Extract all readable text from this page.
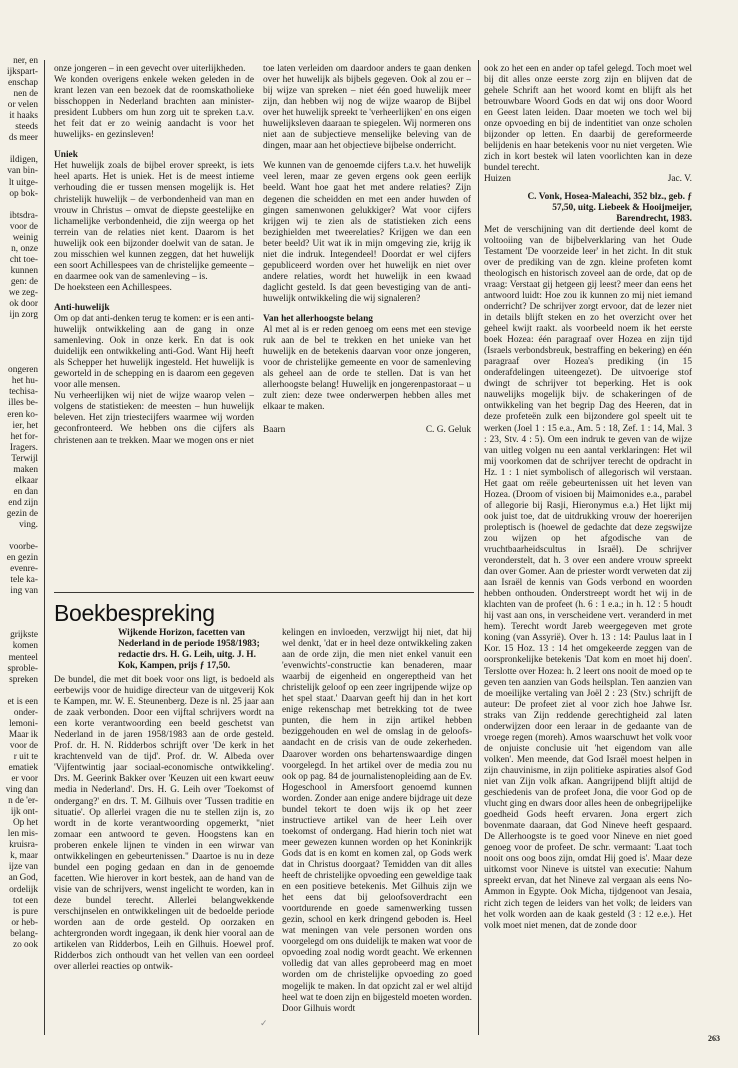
ner, en
ijkspart-
enschap
nen de
or velen
it haaks
steeds
ds meer
ildigen,
van bin-
lt uitge-
op bok-
ibtsdra-
voor de
weinig
n, onze
cht toe-
kunnen
gen: de
we zeg-
ok door
ijn zorg
ongeren
het hu-
techisa-
illes be-
eren ko-
ier, het
het for-
Iragers.
Terwijl
maken
elkaar
en dan
end zijn
gezin de
ving.
voorbe-
en gezin
evenre-
tele ka-
ing van
grijkste
komen
menteel
sproble-
spreken
et is een
onder-
lemoni-
Maar ik
voor de
r uit te
ematiek
er voor
ving dan
n de 'er-
ijk ont-
Op het
len mis-
kruisra-
k, maar
ijze van
an God,
ordelijk
tot een
is pure
or heb-
belang-
zo ook

onze jongeren – in een gevecht over uiterlijkheden.

We konden overigens enkele weken geleden in de krant lezen van een bezoek dat de roomskatholieke bisschoppen in Nederland brachten aan minister-president Lubbers om hun zorg uit te spreken t.a.v. het feit dat er zo weinig aandacht is voor het huwelijks- en gezinsleven!

Uniek

Het huwelijk zoals de bijbel erover spreekt, is iets heel aparts. Het is uniek. Het is de meest intieme verhouding die er tussen mensen mogelijk is. Het christelijk huwelijk – de verbondenheid van man en vrouw in Christus – omvat de diepste geestelijke en lichamelijke verbondenheid, die zijn weerga op het terrein van de relaties niet kent. Daarom is het huwelijk ook een bijzonder doelwit van de satan. Je zou misschien wel kunnen zeggen, dat het huwelijk een soort Achillespees van de christelijke gemeente – en daarmee ook van de samenleving – is.

De hoeksteen een Achillespees.

Anti-huwelijk

Om op dat anti-denken terug te komen: er is een anti-huwelijk ontwikkeling aan de gang in onze samenleving. Ook in onze kerk. En dat is ook duidelijk een ontwikkeling anti-God. Want Hij heeft als Schepper het huwelijk ingesteld. Het huwelijk is geworteld in de schepping en is daarom een gegeven voor alle mensen.

Nu verheerlijken wij niet de wijze waarop velen – volgens de statistieken: de meesten – hun huwelijk beleven. Het zijn triestecijfers waarmee wij worden geconfronteerd. We hebben ons die cijfers als christenen aan te trekken. Maar we mogen ons er niet

toe laten verleiden om daardoor anders te gaan denken over het huwelijk als bijbels gegeven. Ook al zou er – bij wijze van spreken – niet één goed huwelijk meer zijn, dan hebben wij nog de wijze waarop de Bijbel over het huwelijk spreekt te 'verheerlijken' en ons eigen huwelijksleven daaraan te spiegelen. Wij normeren ons niet aan de subjectieve menselijke beleving van de dingen, maar aan het objectieve bijbelse onderricht.

We kunnen van de genoemde cijfers t.a.v. het huwelijk veel leren, maar ze geven ergens ook geen eerlijk beeld. Want hoe gaat het met andere relaties? Zijn degenen die scheidden en met een ander huwden of gingen samenwonen gelukkiger? Wat voor cijfers krijgen wij te zien als de statistieken zich eens bezighielden met tweerelaties? Krijgen we dan een beter beeld? Uit wat ik in mijn omgeving zie, krijg ik niet die indruk. Integendeel! Doordat er wel cijfers gepubliceerd worden over het huwelijk en niet over andere relaties, wordt het huwelijk in een kwaad daglicht gesteld. Is dat geen bevestiging van de anti-huwelijk ontwikkeling die wij signaleren?

Van het allerhoogste belang

Al met al is er reden genoeg om eens met een stevige ruk aan de bel te trekken en het unieke van het huwelijk en de betekenis daarvan voor onze jongeren, voor de christelijke gemeente en voor de samenleving als geheel aan de orde te stellen. Dat is van het allerhoogste belang! Huwelijk en jongerenpastoraat – u zult zien: deze twee onderwerpen hebben alles met elkaar te maken.

Baarn	C. G. Geluk

ook zo het een en ander op tafel gelegd. Toch moet wel bij dit alles onze eerste zorg zijn en blijven dat de gehele Schrift aan het woord komt en blijft als het betrouwbare Woord Gods en dat wij ons door Woord en Geest laten leiden. Daar moeten we toch wel bij onze opvoeding en bij de indentitiet van onze scholen bijzonder op letten. En daarbij de gereformeerde belijdenis en haar betekenis voor nu niet vergeten. Wie zich in kort bestek wil laten voorlichten kan in deze bundel terecht.

Huizen	Jac. V.

C. Vonk, Hosea-Maleachi, 352 blz., geb. ƒ 57,50, uitg. Liebeek & Hooijmeijer, Barendrecht, 1983.

Met de verschijning van dit dertiende deel komt de voltooiing van de bijbelverklaring van het Oude Testament 'De voorzeide leer' in het zicht. In dit stuk over de prediking van de zgn. kleine profeten komt theologisch en historisch zoveel aan de orde, dat op de vraag: Verstaat gij hetgeen gij leest? meer dan eens het antwoord luidt: Hoe zou ik kunnen zo mij niet iemand onderricht? De schrijver zorgt ervoor, dat de lezer niet in details blijft steken en zo het overzicht over het geheel kwijt raakt. als voorbeeld noem ik het eerste boek Hozea: één paragraaf over Hozea en zijn tijd (Israels verbondsbreuk, bestraffing en bekering) en één paragraaf over Hozea's prediking (in 15 onderafdelingen uiteengezet). De uitvoerige stof dwingt de schrijver tot beperking. Het is ook nauwelijks mogelijk bijv. de schakeringen of de ontwikkeling van het begrip Dag des Heeren, dat in deze profeteën zulk een bijzondere gol speelt uit te werken (Joel 1 : 15 e.a., Am. 5 : 18, Zef. 1 : 14, Mal. 3 : 23, Stv. 4 : 5). Om een indruk te geven van de wijze van uitleg volgen nu een aantal verklaringen: Het wil mij voorkomen dat de schrijver terecht de opdracht in Hz. 1 : 1 niet symbolisch of allegorisch wil verstaan. Het gaat om reële gebeurtenissen uit het leven van Hozea. (Droom of visioen bij Maimonides e.a., parabel of allegorie bij Rasji, Hieronymus e.a.) Het lijkt mij ook juist toe, dat de uitdrukking vrouw der hoererijen proleptisch is (hoewel de gedachte dat deze zegswijze zou wijzen op het afgodische van de vruchtbaarheidscultus in Israël). De schrijver veronderstelt, dat h. 3 over een andere vrouw spreekt dan over Gomer. Aan de priester wordt verweten dat zij aan Israël de kennis van Gods verbond en woorden hebben onthouden. Onderstreept wordt het wij in de klachten van de profeet (h. 6 : 1 e.a.; in h. 12 : 5 houdt hij vast aan ons, in verscheidene vert. veranderd in met hem). Terecht wordt Jareb weergegeven met grote koning (van Assyrië). Over h. 13 : 14: Paulus laat in I Kor. 15 Hoz. 13 : 14 het omgekeerde zeggen van de oorspronkelijke betekenis 'Dat kom en moet hij doen'. Terslotte over Hozea: h. 2 leert ons nooit de moed op te geven ten aanzien van Gods heilsplan. Ten aanzien van de moeilijke vertaling van Joël 2 : 23 (Stv.) schrijft de auteur: De profeet ziet al voor zich hoe Jahwe Isr. straks van Zijn reddende gerechtigheid zal laten onderwijzen door een leraar in de gedaante van de vroege regen (moreh). Amos waarschuwt het volk voor de onjuiste conclusie uit 'het eigendom van alle volken'. Men meende, dat God Israël moest helpen in zijn chauvinisme, in zijn politieke aspiraties alsof God niet van Zijn volk afkan. Aangrijpend blijft altijd de geschiedenis van de profeet Jona, die voor God op de vlucht ging en dwars door alles heen de onbegrijpelijke goedheid Gods heeft ervaren. Jona ergert zich bovenmate daaraan, dat God Nineve heeft gespaard. De Allerhoogste is te goed voor Nineve en niet goed genoeg voor de profeet. De schr. vermaant: 'Laat toch nooit ons oog boos zijn, omdat Hij goed is'. Maar deze uitkomst voor Nineve is uitstel van executie: Nahum spreekt ervan, dat het Nineve zal vergaan als eens No-Ammon in Egypte. Ook Micha, tijdgenoot van Jesaia, richt zich tegen de leiders van het volk; de leiders van het volk worden aan de kaak gesteld (3 : 12 e.e.). Het volk moet niet menen, dat de zonde door

Boekbespreking
Wijkende Horizon, facetten van Nederland in de periode 1958/1983; redactie drs. H. G. Leih, uitg. J. H. Kok, Kampen, prijs ƒ 17,50.

De bundel, die met dit boek voor ons ligt, is bedoeld als eerbewijs voor de huidige directeur van de uitgeverij Kok te Kampen, mr. W. E. Steunenberg. Deze is nl. 25 jaar aan de zaak verbonden. Door een vijftal schrijvers wordt na een korte verantwoording een beeld geschetst van Nederland in de jaren 1958/1983 aan de orde gesteld. Prof. dr. H. N. Ridderbos schrijft over 'De kerk in het krachtenveld van de tijd'. Prof. dr. W. Albeda over 'Vijfentwintig jaar sociaal-economische ontwikkeling'. Drs. M. Geerink Bakker over 'Keuzen uit een kwart eeuw media in Nederland'. Drs. H. G. Leih over 'Toekomst of ondergang?' en drs. T. M. Gilhuis over 'Tussen traditie en situatie'. Op allerlei vragen die nu te stellen zijn is, zo wordt in de korte verantwoording opgemerkt, "niet zomaar een antwoord te geven. Hoogstens kan en proberen enkele lijnen te vinden in een wirwar van ontwikkelingen en gebeurtenissen." Daartoe is nu in deze bundel een poging gedaan en dan in de genoemde facetten. Wie hierover in kort bestek, aan de hand van de visie van de schrijvers, wenst ingelicht te worden, kan in deze bundel terecht. Allerlei belangwekkende verschijnselen en ontwikkelingen uit de bedoelde periode worden aan de orde gesteld. Op oorzaken en achtergronden wordt ingegaan, ik denk hier vooral aan de artikelen van Ridderbos, Leih en Gilhuis. Hoewel prof. Ridderbos zich onthoudt van het vellen van een oordeel over allerlei reacties op ontwik-

kelingen en invloeden, verzwijgt hij niet, dat hij wel denkt, 'dat er in heel deze ontwikkeling zaken aan de orde zijn, die men niet enkel vanuit een 'evenwichts'-constructie kan benaderen, maar waarbij de eigenheid en ongereptheid van het christelijk geloof op een zeer ingrijpende wijze op het spel staat.' Daarvan geeft hij dan in het kort enige rekenschap met betrekking tot de twee punten, die hem in zijn artikel hebben beziggehouden en wel de omslag in de geloofs-aandacht en de crisis van de oude zekerheden. Daarover worden ons behartenswaardige dingen voorgelegd. In het artikel over de media zou nu ook op pag. 84 de journalistenopleiding aan de Ev. Hogeschool in Amersfoort genoemd kunnen worden. Zonder aan enige andere bijdrage uit deze bundel tekort te doen wijs ik op het zeer instructieve artikel van de heer Leih over toekomst of ondergang. Had hierin toch niet wat meer gewezen kunnen worden op het Koninkrijk Gods dat is en komt en komen zal, op Gods werk dat in Christus doorgaat? Temidden van dit alles heeft de christelijke opvoeding een geweldige taak en een positieve betekenis. Met Gilhuis zijn we het eens dat bij geloofsoverdracht een voortdurende en goede samenwerking tussen gezin, school en kerk dringend geboden is. Heel wat meningen van vele personen worden ons voorgelegd om ons duidelijk te maken wat voor de opvoeding zoal nodig wordt geacht. We erkennen volledig dat van alles geprobeerd mag en moet worden om de christelijke opvoeding zo goed mogelijk te maken. In dat opzicht zal er wel altijd heel wat te doen zijn en bijgesteld moeten worden. Door Gilhuis wordt

✓
263
